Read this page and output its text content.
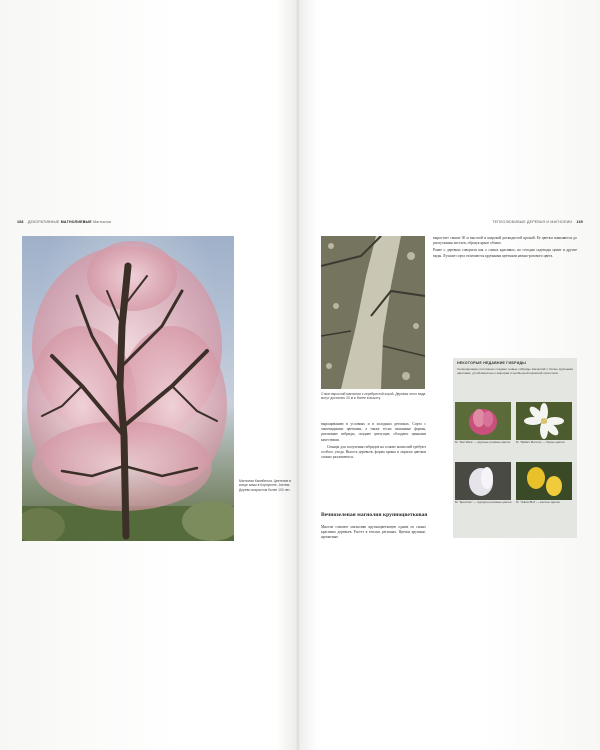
168 ДЕКОРАТИВНЫЕ МАГНОЛИЕВЫЕ Магнолия	ТЕПЛОЛЮБИВЫЕ ДЕРЕВЬЯ И МАГНОЛИИ 169
Магнолия Кэмпбелла. Цветение в конце зимы в Корнуолле, Англия. Дерево возрастом более 100 лет.
Ствол взрослой магнолии с серебристой корой. Деревья этого вида могут достигать 20 м и более в высоту.

выращиванию в условиях и в холодных регионах. Сорта с чашевидными цветками, а также тесно связанные формы, различные гибриды, позднее цветущие, обладают ценными качествами.

Сеянцы для получения гибридов на основе магнолий требуют особого ухода. Высота деревьев, форма кроны и окраска цветков сильно различаются.

Вечнозеленая магнолия крупноцветковая

Многие считают магнолию крупноцветковую одним из самых красивых деревьев. Растет в теплых регионах. Цветки крупные, ароматные.

вырастает свыше 30 м высотой и широкой раскидистой кроной. Ее цветки появляются до распускания листьев, образуя яркое облако.

Ранее о деревьях говорили как о самых красивых, но сегодня садоводы ценят и другие виды. Лучшие сорта отличаются крупными цветками нежно-розового цвета.

НЕКОТОРЫЕ НЕДАВНИЕ ГИБРИДЫ
Селекционеры постоянно создают новые гибриды магнолий с более крупными цветками, устойчивостью к морозам и необычной окраской лепестков.
M. 'Star Wars' — крупные розовые цветки	M. 'Wada's Memory' — белые цветки
M. 'Spectrum' — пурпурно-розовые цветки	M. 'Yellow Bird' — желтые цветки
